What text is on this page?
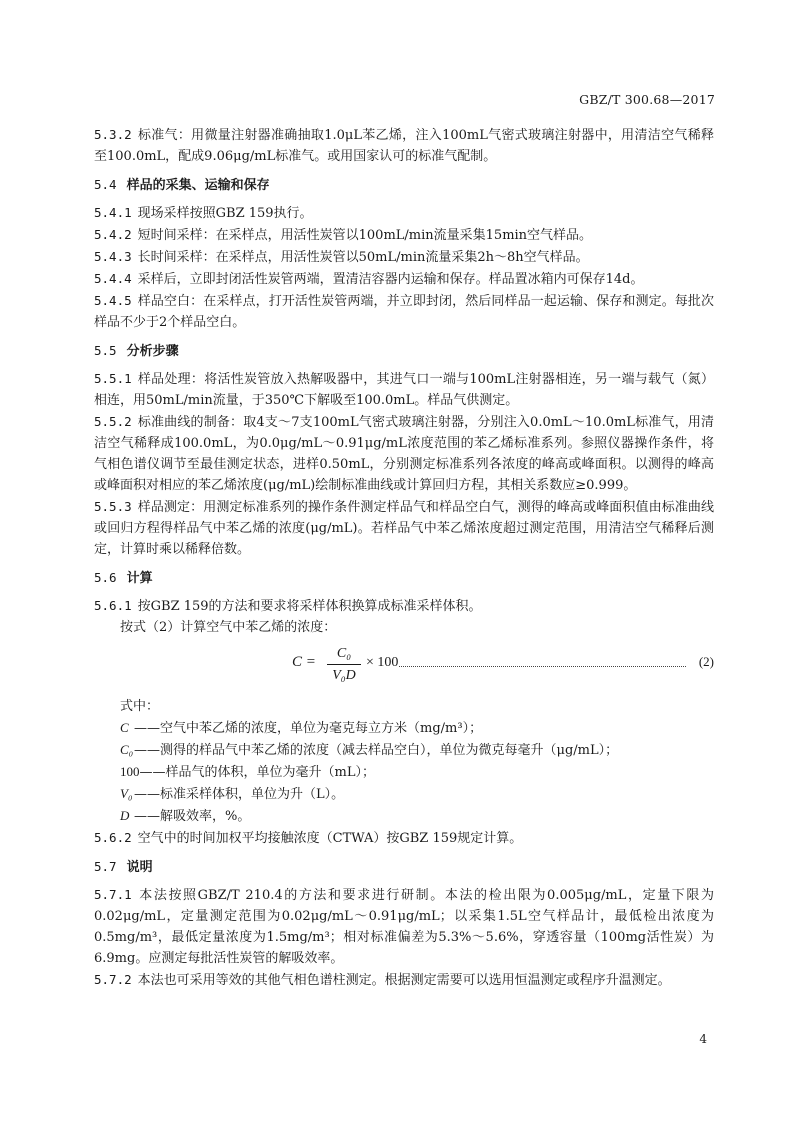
GBZ/T 300.68—2017

5.3.2 标准气：用微量注射器准确抽取1.0μL苯乙烯，注入100mL气密式玻璃注射器中，用清洁空气稀释至100.0mL，配成9.06μg/mL标准气。或用国家认可的标准气配制。

5.4 样品的采集、运输和保存

5.4.1 现场采样按照GBZ 159执行。

5.4.2 短时间采样：在采样点，用活性炭管以100mL/min流量采集15min空气样品。

5.4.3 长时间采样：在采样点，用活性炭管以50mL/min流量采集2h～8h空气样品。

5.4.4 采样后，立即封闭活性炭管两端，置清洁容器内运输和保存。样品置冰箱内可保存14d。

5.4.5 样品空白：在采样点，打开活性炭管两端，并立即封闭，然后同样品一起运输、保存和测定。每批次样品不少于2个样品空白。

5.5 分析步骤

5.5.1 样品处理：将活性炭管放入热解吸器中，其进气口一端与100mL注射器相连，另一端与载气（氮）相连，用50mL/min流量，于350℃下解吸至100.0mL。样品气供测定。

5.5.2 标准曲线的制备：取4支～7支100mL气密式玻璃注射器，分别注入0.0mL～10.0mL标准气，用清洁空气稀释成100.0mL，为0.0μg/mL～0.91μg/mL浓度范围的苯乙烯标准系列。参照仪器操作条件，将气相色谱仪调节至最佳测定状态，进样0.50mL，分别测定标准系列各浓度的峰高或峰面积。以测得的峰高或峰面积对相应的苯乙烯浓度(μg/mL)绘制标准曲线或计算回归方程，其相关系数应≥0.999。

5.5.3 样品测定：用测定标准系列的操作条件测定样品气和样品空白气，测得的峰高或峰面积值由标准曲线或回归方程得样品气中苯乙烯的浓度(μg/mL)。若样品气中苯乙烯浓度超过测定范围，用清洁空气稀释后测定，计算时乘以稀释倍数。

5.6 计算

5.6.1 按GBZ 159的方法和要求将采样体积换算成标准采样体积。

按式（2）计算空气中苯乙烯的浓度：

$C = \frac{\text{C₀}}{\text{V₀D}} \times 100$	(2)

式中：

C ——空气中苯乙烯的浓度，单位为毫克每立方米（mg/m³）；

C₀——测得的样品气中苯乙烯的浓度（减去样品空白），单位为微克每毫升（μg/mL）；

100——样品气的体积，单位为毫升（mL）；

V₀ ——标准采样体积，单位为升（L）。

D ——解吸效率，%。

5.6.2 空气中的时间加权平均接触浓度（CTWA）按GBZ 159规定计算。

5.7 说明

5.7.1 本法按照GBZ/T 210.4的方法和要求进行研制。本法的检出限为0.005μg/mL，定量下限为0.02μg/mL，定量测定范围为0.02μg/mL～0.91μg/mL；以采集1.5L空气样品计，最低检出浓度为0.5mg/m³，最低定量浓度为1.5mg/m³；相对标准偏差为5.3%～5.6%，穿透容量（100mg活性炭）为6.9mg。应测定每批活性炭管的解吸效率。

5.7.2 本法也可采用等效的其他气相色谱柱测定。根据测定需要可以选用恒温测定或程序升温测定。

4
